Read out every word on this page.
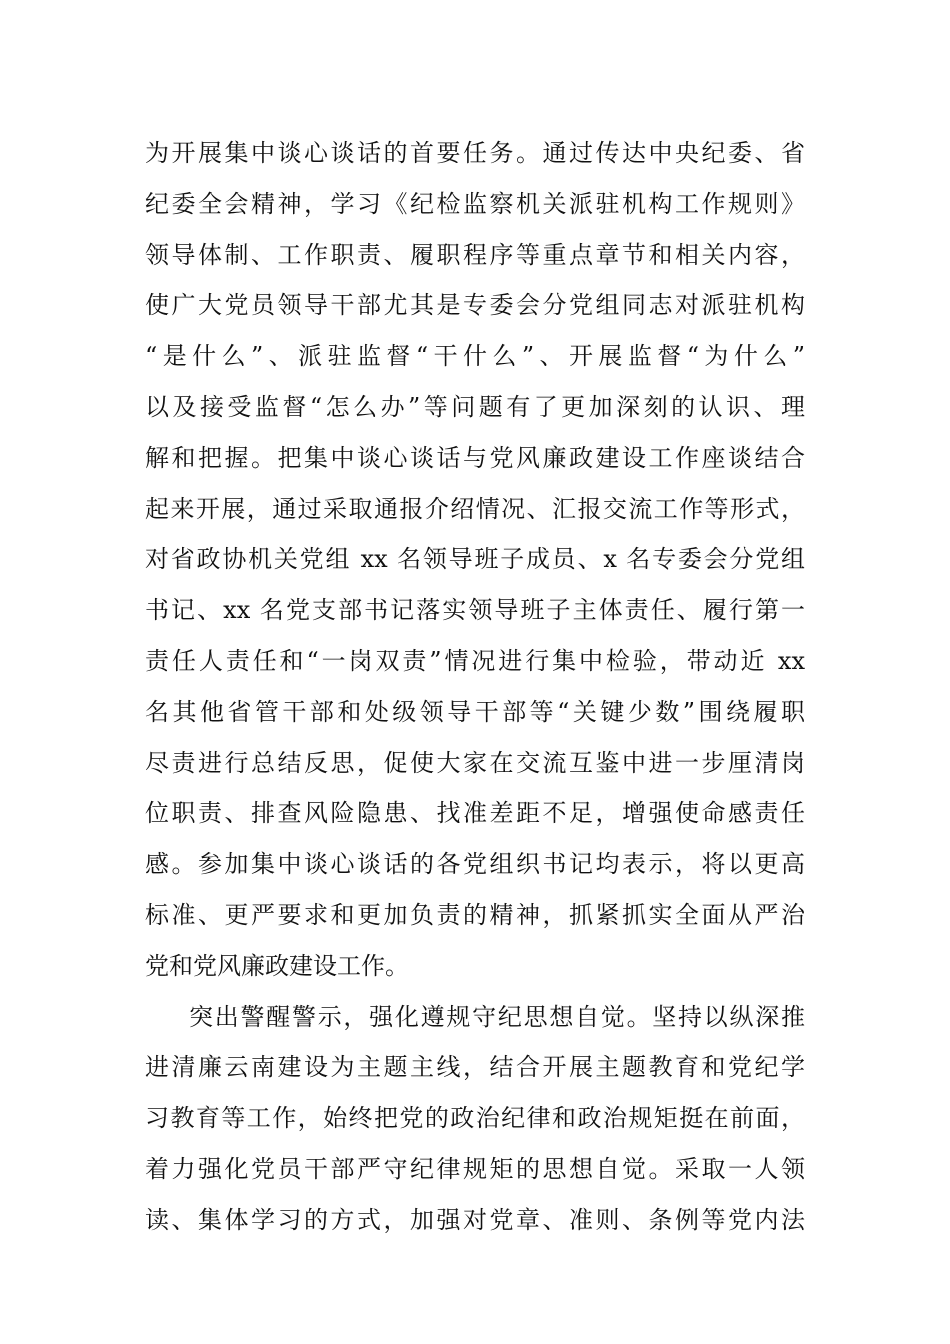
为开展集中谈心谈话的首要任务。通过传达中央纪委、省
纪委全会精神，学习《纪检监察机关派驻机构工作规则》
领导体制、工作职责、履职程序等重点章节和相关内容，
使广大党员领导干部尤其是专委会分党组同志对派驻机构
“是什么”、派驻监督“干什么”、开展监督“为什么”
以及接受监督“怎么办”等问题有了更加深刻的认识、理
解和把握。把集中谈心谈话与党风廉政建设工作座谈结合
起来开展，通过采取通报介绍情况、汇报交流工作等形式，
对省政协机关党组 xx 名领导班子成员、x 名专委会分党组
书记、xx 名党支部书记落实领导班子主体责任、履行第一
责任人责任和“一岗双责”情况进行集中检验，带动近 xx
名其他省管干部和处级领导干部等“关键少数”围绕履职
尽责进行总结反思，促使大家在交流互鉴中进一步厘清岗
位职责、排查风险隐患、找准差距不足，增强使命感责任
感。参加集中谈心谈话的各党组织书记均表示，将以更高
标准、更严要求和更加负责的精神，抓紧抓实全面从严治
党和党风廉政建设工作。
突出警醒警示，强化遵规守纪思想自觉。坚持以纵深推
进清廉云南建设为主题主线，结合开展主题教育和党纪学
习教育等工作，始终把党的政治纪律和政治规矩挺在前面，
着力强化党员干部严守纪律规矩的思想自觉。采取一人领
读、集体学习的方式，加强对党章、准则、条例等党内法
